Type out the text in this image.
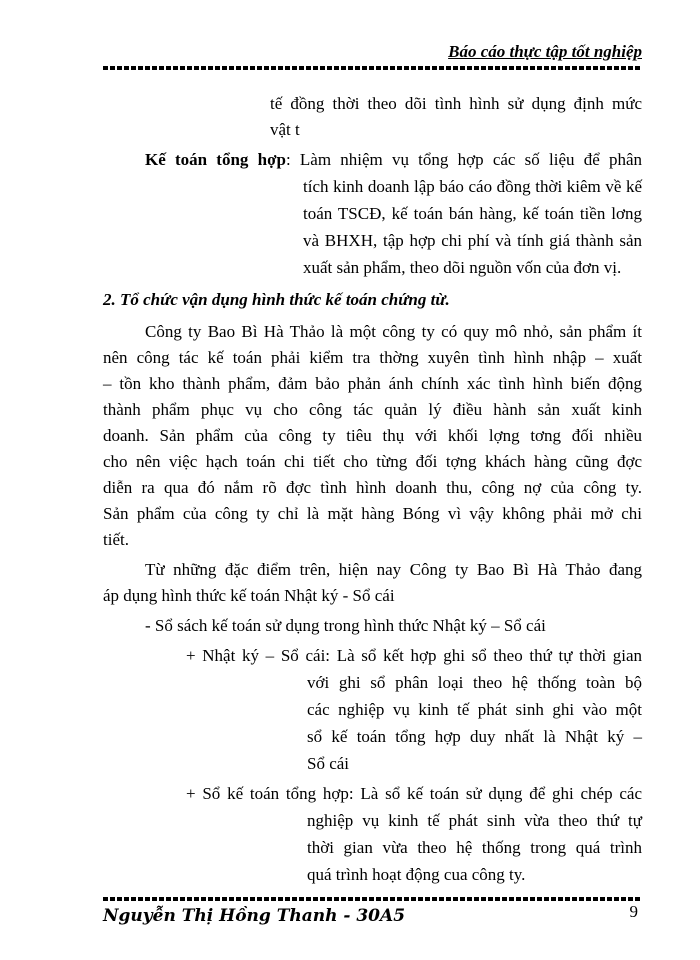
Báo cáo thực tập tốt nghiệp
tế đồng thời theo dõi tình hình sử dụng định mức
vật t
Kế toán tổng hợp: Làm nhiệm vụ tổng hợp các số liệu để phân
tích kinh doanh lập báo cáo đồng thời kiêm về kế
toán TSCĐ, kế toán bán hàng, kế toán tiền lơng
và BHXH, tập hợp chi phí và tính giá thành sản
xuất sản phẩm, theo dõi nguồn vốn của đơn vị.
2. Tổ chức vận dụng hình thức kế toán chứng từ.
Công ty Bao Bì Hà Thảo là một công ty có quy mô nhỏ, sản phẩm ít
nên công tác kế toán phải kiểm tra thờng xuyên tình hình nhập – xuất
– tồn kho thành phẩm, đảm bảo phản ánh chính xác tình hình biến động
thành phẩm phục vụ cho công tác quản lý điều hành sản xuất kinh
doanh. Sản phẩm của công ty tiêu thụ với khối lợng tơng đối nhiều
cho nên việc hạch toán chi tiết cho từng đối tợng khách hàng cũng đợc
diễn ra qua đó nắm rõ đợc tình hình doanh thu, công nợ của công ty.
Sản phẩm của công ty chỉ là mặt hàng Bóng vì vậy không phải mở chi
tiết.
Từ những đặc điểm trên, hiện nay Công ty Bao Bì Hà Thảo đang
áp dụng hình thức kế toán Nhật ký - Sổ cái
- Sổ sách kế toán sử dụng trong hình thức Nhật ký – Sổ cái
+ Nhật ký – Sổ cái: Là sổ kết hợp ghi sổ theo thứ tự thời gian
với ghi sổ phân loại theo hệ thống toàn bộ
các nghiệp vụ kinh tế phát sinh ghi vào một
sổ kế toán tổng hợp duy nhất là Nhật ký –
Sổ cái
+ Sổ kế toán tổng hợp: Là sổ kế toán sử dụng để ghi chép các
nghiệp vụ kinh tế phát sinh vừa theo thứ tự
thời gian vừa theo hệ thống trong quá trình
quá trình hoạt động cua công ty.
Nguyễn Thị Hồng Thanh - 30A5	9
